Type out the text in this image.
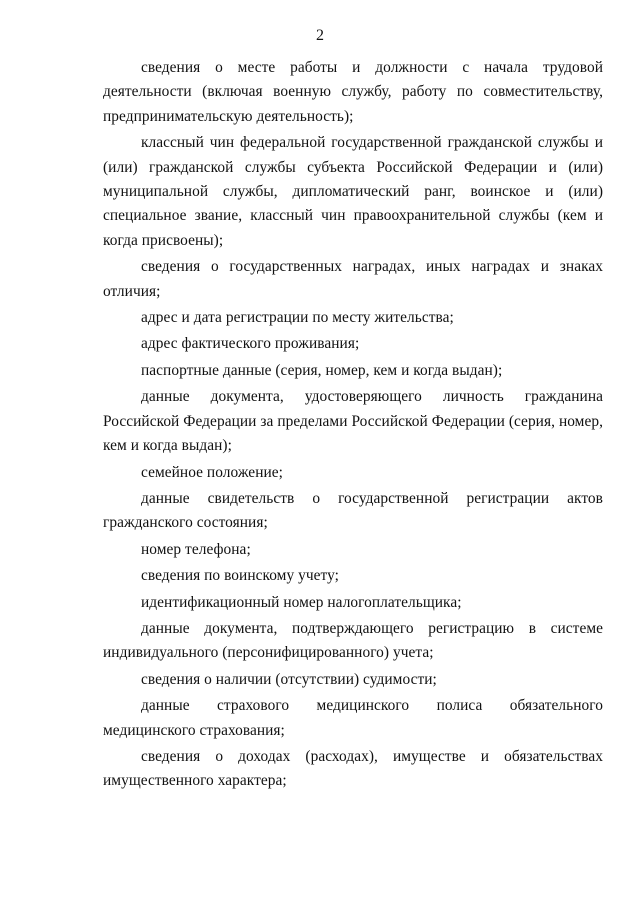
2

сведения о месте работы и должности с начала трудовой деятельности (включая военную службу, работу по совместительству, предпринимательскую деятельность);

классный чин федеральной государственной гражданской службы и (или) гражданской службы субъекта Российской Федерации и (или) муниципальной службы, дипломатический ранг, воинское и (или) специальное звание, классный чин правоохранительной службы (кем и когда присвоены);

сведения о государственных наградах, иных наградах и знаках отличия;

адрес и дата регистрации по месту жительства;

адрес фактического проживания;

паспортные данные (серия, номер, кем и когда выдан);

данные документа, удостоверяющего личность гражданина Российской Федерации за пределами Российской Федерации (серия, номер, кем и когда выдан);

семейное положение;

данные свидетельств о государственной регистрации актов гражданского состояния;

номер телефона;

сведения по воинскому учету;

идентификационный номер налогоплательщика;

данные документа, подтверждающего регистрацию в системе индивидуального (персонифицированного) учета;

сведения о наличии (отсутствии) судимости;

данные страхового медицинского полиса обязательного медицинского страхования;

сведения о доходах (расходах), имуществе и обязательствах имущественного характера;
